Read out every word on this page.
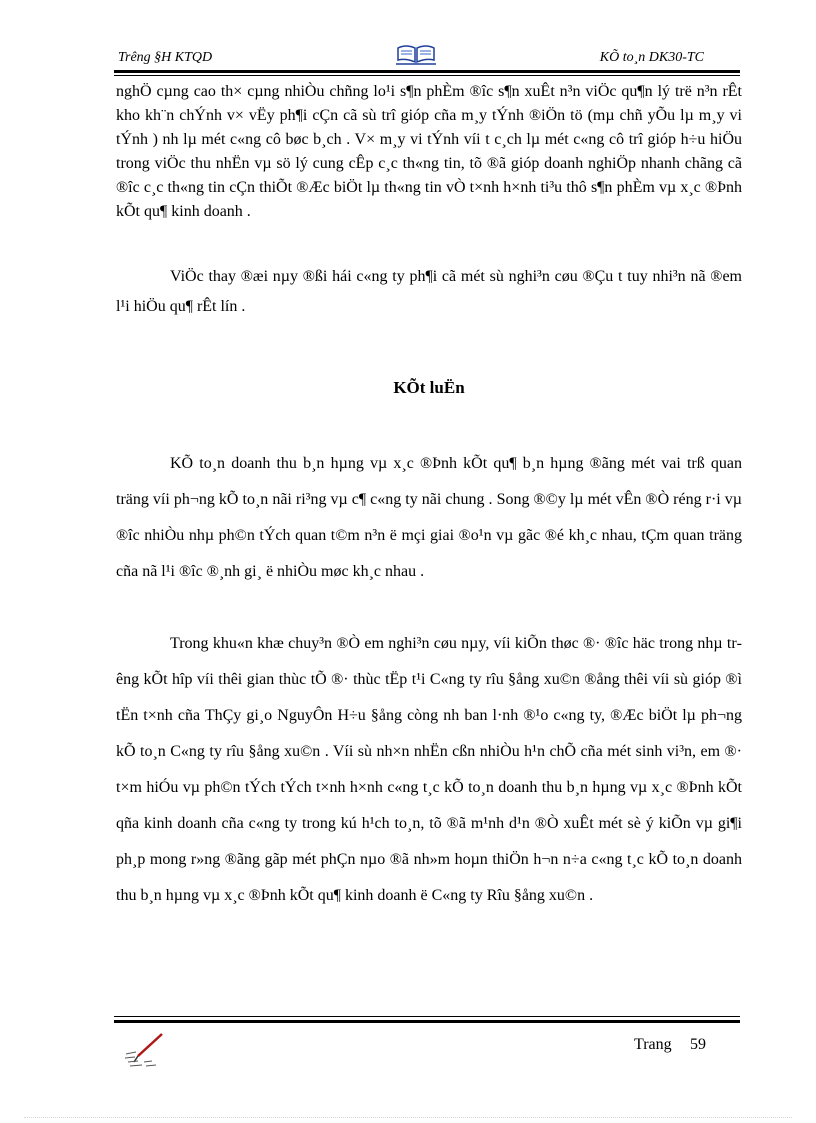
Trêng §H KTQD	KÕ to¸n DK30-TC

nghÖ cµng cao th× cµng nhiÒu chñng lo¹i s¶n phÈm ®îc s¶n xuÊt n³n viÖc qu¶n lý trë n³n rÊt kho kh¨n chÝnh v× vËy ph¶i cÇn cã sù trî gióp cña m¸y tÝnh ®iÖn tö (mµ chñ yÕu lµ m¸y vi tÝnh ) nh lµ mét c«ng cô bøc b¸ch . V× m¸y vi tÝnh víi t c¸ch lµ mét c«ng cô trî gióp h÷u hiÖu trong viÖc thu nhËn vµ sö lý cung cÊp c¸c th«ng tin, tõ ®ã gióp doanh nghiÖp nhanh chãng cã ®îc c¸c th«ng tin cÇn thiÕt ®Æc biÖt lµ th«ng tin vÒ t×nh h×nh ti³u thô s¶n phÈm vµ x¸c ®Þnh kÕt qu¶ kinh doanh .

ViÖc thay ®æi nµy ®ßi hái c«ng ty ph¶i cã mét sù nghi³n cøu ®Çu t tuy nhi³n nã ®em l¹i hiÖu qu¶ rÊt lín .

KÕt luËn

KÕ to¸n doanh thu b¸n hµng vµ x¸c ®Þnh kÕt qu¶ b¸n hµng ®ãng mét vai trß quan träng víi ph¬ng kÕ to¸n nãi ri³ng vµ c¶ c«ng ty nãi chung . Song ®©y lµ mét vÊn ®Ò réng r·i vµ ®îc nhiÒu nhµ ph©n tÝch quan t©m n³n ë mçi giai ®o¹n vµ gãc ®é kh¸c nhau, tÇm quan träng cña nã l¹i ®îc ®¸nh gi¸ ë nhiÒu møc kh¸c nhau .

Trong khu«n khæ chuy³n ®Ò em nghi³n cøu nµy, víi kiÕn thøc ®· ®îc häc trong nhµ trêng kÕt hîp víi thêi gian thùc tÕ ®· thùc tËp t¹i C«ng ty rîu §ång xu©n ®ång thêi víi sù gióp ®ì tËn t×nh cña ThÇy gi¸o NguyÔn H÷u §ång còng nh ban l·nh ®¹o c«ng ty, ®Æc biÖt lµ ph¬ng kÕ to¸n C«ng ty rîu §ång xu©n . Víi sù nh×n nhËn cßn nhiÒu h¹n chÕ cña mét sinh vi³n, em ®· t×m hiÓu vµ ph©n tÝch tÝch t×nh h×nh c«ng t¸c kÕ to¸n doanh thu b¸n hµng vµ x¸c ®Þnh kÕt qña kinh doanh cña c«ng ty trong kú h¹ch to¸n, tõ ®ã m¹nh d¹n ®Ò xuÊt mét sè ý kiÕn vµ gi¶i ph¸p mong r»ng ®ãng gãp mét phÇn nµo ®ã nh»m hoµn thiÖn h¬n n÷a c«ng t¸c kÕ to¸n doanh thu b¸n hµng vµ x¸c ®Þnh kÕt qu¶ kinh doanh ë C«ng ty Rîu §ång xu©n .

Trang 59
